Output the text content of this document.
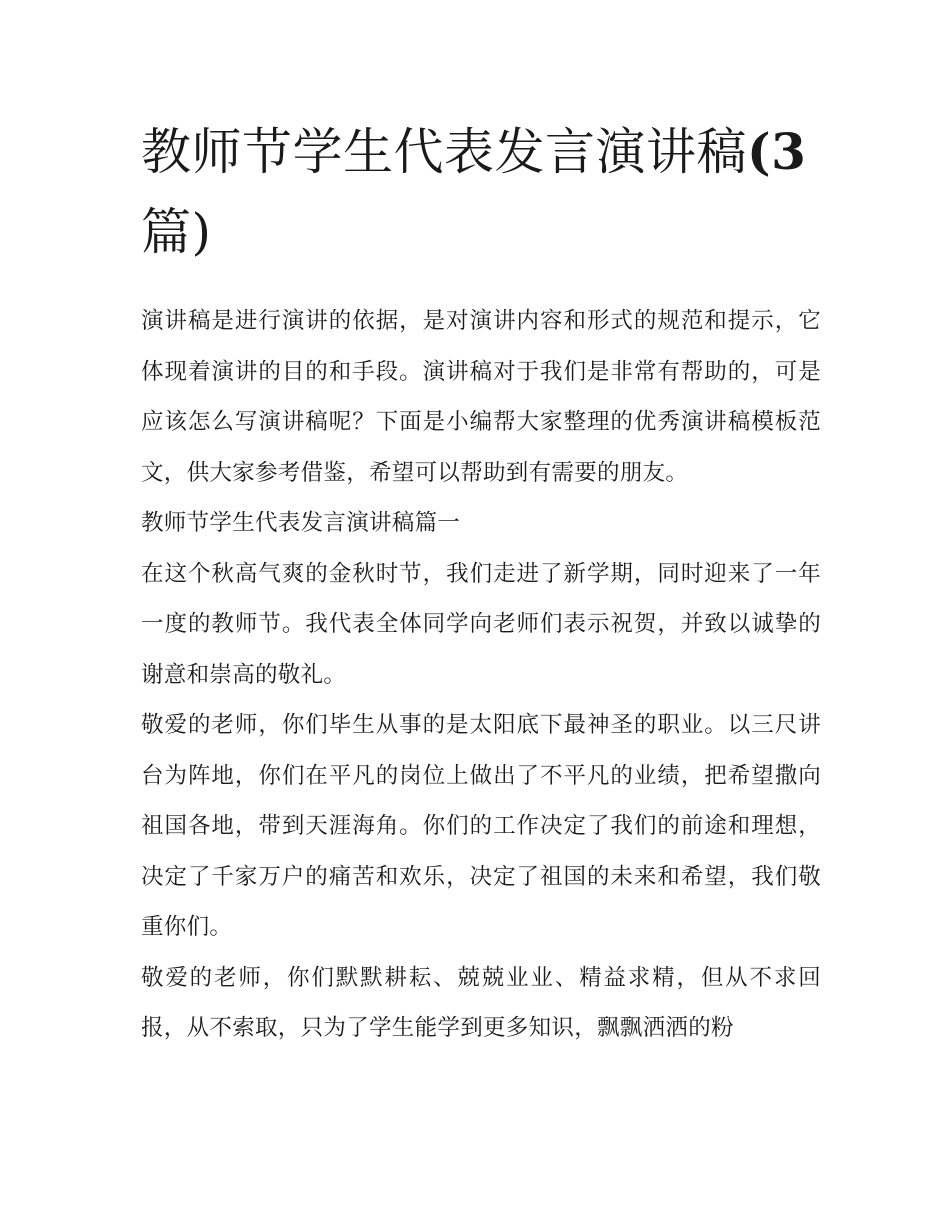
教师节学生代表发言演讲稿(3
篇)

演讲稿是进行演讲的依据，是对演讲内容和形式的规范和提示，它体现着演讲的目的和手段。演讲稿对于我们是非常有帮助的，可是应该怎么写演讲稿呢？下面是小编帮大家整理的优秀演讲稿模板范文，供大家参考借鉴，希望可以帮助到有需要的朋友。

教师节学生代表发言演讲稿篇一

在这个秋高气爽的金秋时节，我们走进了新学期，同时迎来了一年一度的教师节。我代表全体同学向老师们表示祝贺，并致以诚挚的谢意和崇高的敬礼。

敬爱的老师，你们毕生从事的是太阳底下最神圣的职业。以三尺讲台为阵地，你们在平凡的岗位上做出了不平凡的业绩，把希望撒向祖国各地，带到天涯海角。你们的工作决定了我们的前途和理想，决定了千家万户的痛苦和欢乐，决定了祖国的未来和希望，我们敬重你们。

敬爱的老师，你们默默耕耘、兢兢业业、精益求精，但从不求回报，从不索取，只为了学生能学到更多知识，飘飘洒洒的粉
